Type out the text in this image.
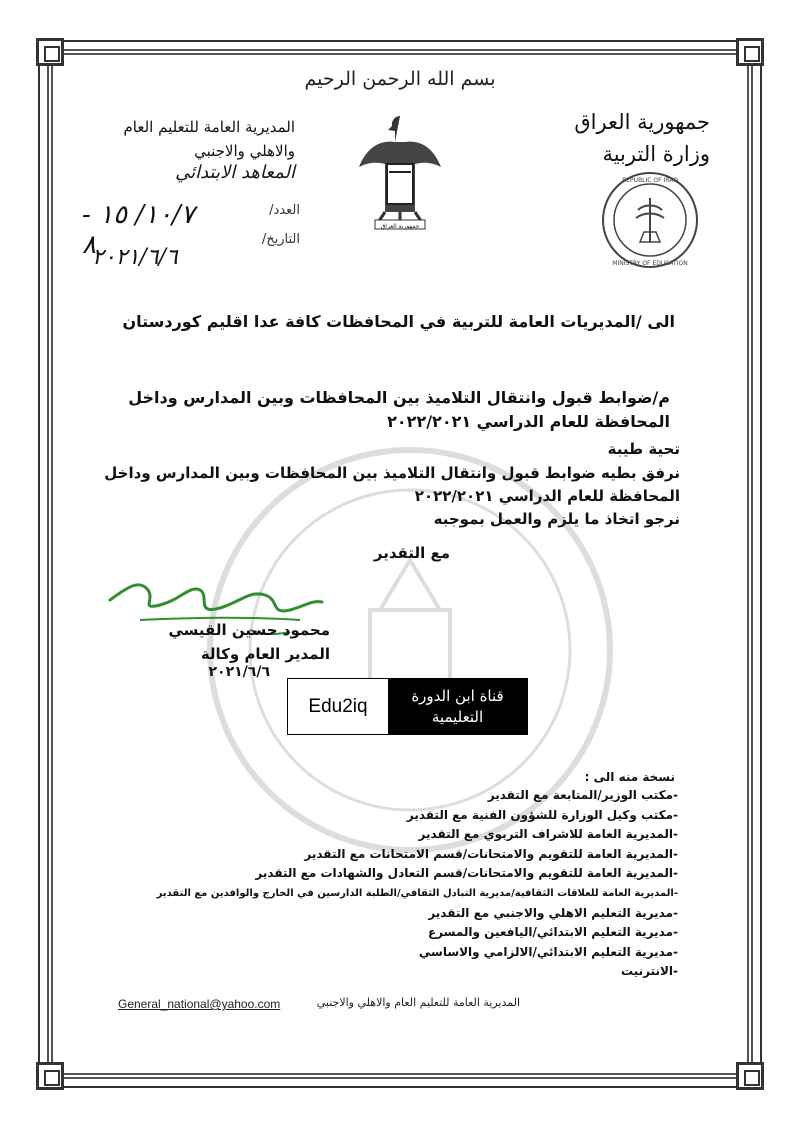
بسم الله الرحمن الرحيم
جمهورية العراق
وزارة التربية
المديرية العامة للتعليم العام
والاهلي والاجنبي
المعاهد الابتدائي
العدد/
١٠/٧/ ١٥ - ٨	التاريخ/
٢٠٢١/٦/٦
جمهورية العراق
REPUBLIC OF IRAQ
MINISTRY OF EDUCATION
الى /المديريات العامة للتربية في المحافظات كافة عدا اقليم كوردستان
م/ضوابط قبول وانتقال التلاميذ بين المحافظات وبين المدارس وداخل المحافظة للعام الدراسي ٢٠٢٢/٢٠٢١
تحية طيبة
نرفق بطيه ضوابط قبول وانتقال التلاميذ بين المحافظات وبين المدارس وداخل المحافظة للعام الدراسي ٢٠٢٢/٢٠٢١
نرجو اتخاذ ما يلزم والعمل بموجبه
مع التقدير
محمود حسين القيسي
المدير العام وكالة
٢٠٢١/٦/٦
Edu2iq	قناة ابن الدورة
التعليمية
نسخة منه الى :
-مكتب الوزير/المتابعة مع التقدير
-مكتب وكيل الوزارة للشؤون الفنية مع التقدير
-المديرية العامة للاشراف التربوي مع التقدير
-المديرية العامة للتقويم والامتحانات/قسم الامتحانات مع التقدير
-المديرية العامة للتقويم والامتحانات/قسم التعادل والشهادات مع التقدير
-المديرية العامة للعلاقات الثقافية/مديرية التبادل الثقافي/الطلبة الدارسين في الخارج والوافدين مع التقدير
-مديرية التعليم الاهلي والاجنبي مع التقدير
-مديرية التعليم الابتدائي/اليافعين والمسرع
-مديرية التعليم الابتدائي/الالزامي والاساسي
-الانترنيت
General_national@yahoo.com	المديرية العامة للتعليم العام والاهلي والاجنبي
